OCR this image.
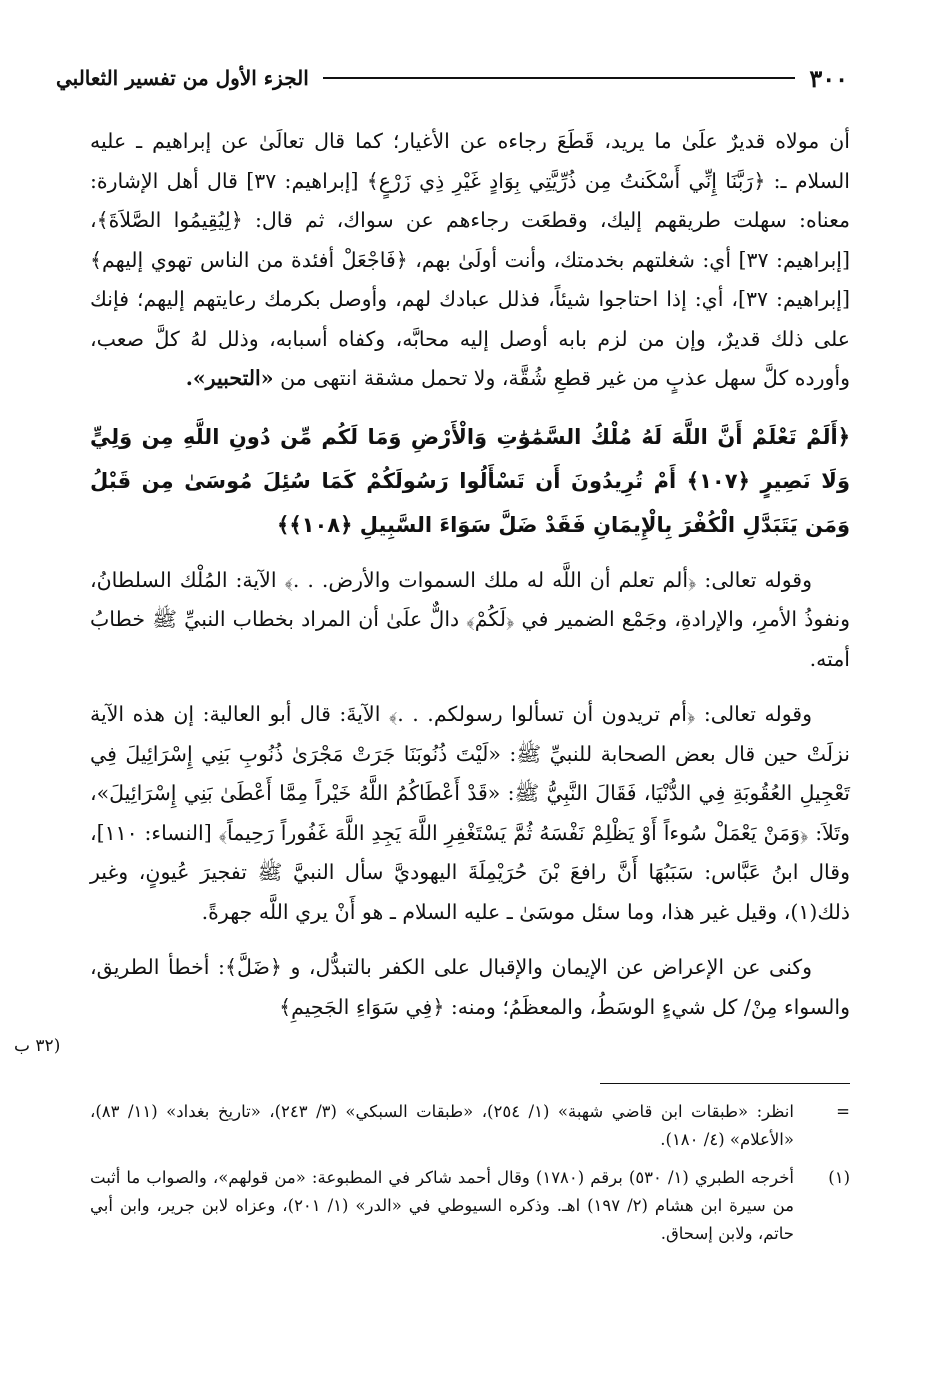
٣٠٠
الجزء الأول من تفسير الثعالبي

أن مولاه قديرٌ علَىٰ ما يريد، قَطَعَ رجاءه عن الأغيار؛ كما قال تعالَىٰ عن إبراهيم ـ عليه السلام ـ: ﴿رَبَّنَا إِنِّي أَسْكَنتُ مِن ذُرِّيَّتِي بِوَادٍ غَيْرِ ذِي زَرْعٍ﴾ [إبراهيم: ٣٧] قال أهل الإشارة: معناه: سهلت طريقهم إليك، وقطعَت رجاءهم عن سواك، ثم قال: ﴿لِيُقِيمُوا الصَّلاَةَ﴾، [إبراهيم: ٣٧] أي: شغلتهم بخدمتك، وأنت أولَىٰ بهم، ﴿فَاجْعَلْ أفئدة من الناس تهوي إليهم﴾ [إبراهيم: ٣٧]، أي: إذا احتاجوا شيئاً، فذلل عبادك لهم، وأوصل بكرمك رعايتهم إليهم؛ فإنك على ذلك قديرٌ، وإن من لزم بابه أوصل إليه محابَّه، وكفاه أسبابه، وذلل لهُ كلَّ صعب، وأورده كلَّ سهل عذبٍ من غير قطعِ شُقَّة، ولا تحمل مشقة انتهى من «التحبير».

﴿أَلَمْ تَعْلَمْ أَنَّ اللَّهَ لَهُ مُلْكُ السَّمَٰوَٰتِ وَالْأَرْضِ وَمَا لَكُم مِّن دُونِ اللَّهِ مِن وَلِيٍّ وَلَا نَصِيرٍ ﴿١٠٧﴾ أَمْ تُرِيدُونَ أَن تَسْأَلُوا رَسُولَكُمْ كَمَا سُئِلَ مُوسَىٰ مِن قَبْلُ وَمَن يَتَبَدَّلِ الْكُفْرَ بِالْإِيمَانِ فَقَدْ ضَلَّ سَوَاءَ السَّبِيلِ ﴿١٠٨﴾﴾

وقوله تعالى: ﴿ألم تعلم أن اللَّه له ملك السموات والأرض. . .﴾ الآية: المُلْك السلطانُ، ونفوذُ الأمرِ، والإرادةِ، وجَمْع الضمير في ﴿لَكُمْ﴾ دالٌّ علَىٰ أن المراد بخطاب النبيِّ ﷺ خطابُ أمته.

وقوله تعالى: ﴿أم تريدون أن تسألوا رسولكم. . .﴾ الآيةَ: قال أبو العالية: إن هذه الآية نزلَتْ حين قال بعض الصحابة للنبيِّ ﷺ: «لَيْتَ ذُنُوبَنَا جَرَتْ مَجْرَىٰ ذُنُوبِ بَنِي إِسْرَائِيلَ فِي تَعْجِيلِ العُقُوبَةِ فِي الدُّنْيَا، فَقَالَ النَّبِيُّ ﷺ: «قَدْ أَعْطَاكُمُ اللَّهُ خَيْراً مِمَّا أَعْطَىٰ بَنِي إِسْرَائِيلَ»، وتَلاَ: ﴿وَمَنْ يَعْمَلْ سُوءاً أَوْ يَظْلِمْ نَفْسَهُ ثُمَّ يَسْتَغْفِرِ اللَّهَ يَجِدِ اللَّهَ غَفُوراً رَحِيماً﴾ [النساء: ١١٠]، وقال ابنُ عَبَّاس: سَبَبُهَا أَنَّ رافعَ بْنَ حُرَيْمِلَةَ اليهوديَّ سأل النبيَّ ﷺ تفجيرَ عُيونٍ، وغير ذلك(١)، وقيل غير هذا، وما سئل موسَىٰ ـ عليه السلام ـ هو أَنْ يري اللَّه جهرةً.

وكنى عن الإعراض عن الإيمان والإقبال على الكفر بالتبدُّل، و ﴿ضَلَّ﴾: أخطأ الطريق، والسواء مِنْ/ كل شيءٍ الوسَطُ، والمعظَمُ؛ ومنه: ﴿فِي سَوَاءِ الجَحِيمِ﴾

(٣٢ ب
=
انظر: «طبقات ابن قاضي شهبة» (١/ ٢٥٤)، «طبقات السبكي» (٣/ ٢٤٣)، «تاريخ بغداد» (١١/ ٨٣)، «الأعلام» (٤/ ١٨٠).
(١)
أخرجه الطبري (١/ ٥٣٠) برقم (١٧٨٠) وقال أحمد شاكر في المطبوعة: «من قولهم»، والصواب ما أثبت من سيرة ابن هشام (٢/ ١٩٧) اهـ. وذكره السيوطي في «الدر» (١/ ٢٠١)، وعزاه لابن جرير، وابن أبي حاتم، ولابن إسحاق.
